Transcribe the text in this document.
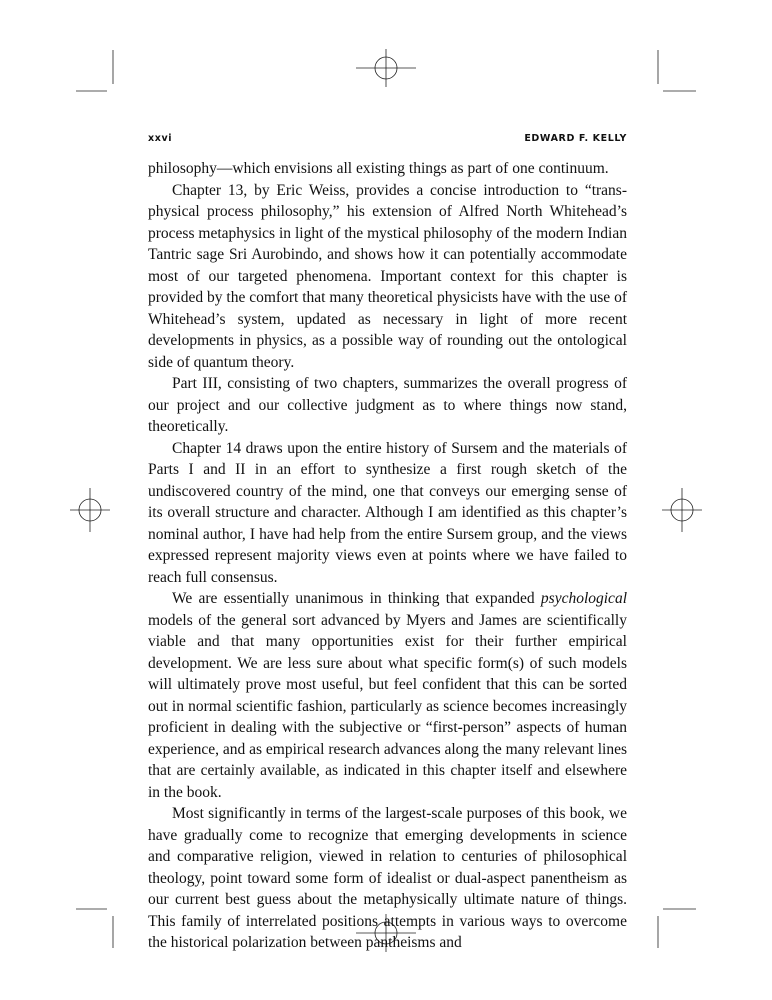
xxvi	EDWARD F. KELLY

philosophy—which envisions all existing things as part of one continuum.

Chapter 13, by Eric Weiss, provides a concise introduction to “transphysical process philosophy,” his extension of Alfred North Whitehead’s process metaphysics in light of the mystical philosophy of the modern Indian Tantric sage Sri Aurobindo, and shows how it can potentially accommodate most of our targeted phenomena. Important context for this chapter is provided by the comfort that many theoretical physicists have with the use of Whitehead’s system, updated as necessary in light of more recent developments in physics, as a possible way of rounding out the ontological side of quantum theory.

Part III, consisting of two chapters, summarizes the overall progress of our project and our collective judgment as to where things now stand, theoretically.

Chapter 14 draws upon the entire history of Sursem and the materials of Parts I and II in an effort to synthesize a first rough sketch of the undiscovered country of the mind, one that conveys our emerging sense of its overall structure and character. Although I am identified as this chapter’s nominal author, I have had help from the entire Sursem group, and the views expressed represent majority views even at points where we have failed to reach full consensus.

We are essentially unanimous in thinking that expanded psychological models of the general sort advanced by Myers and James are scientifically viable and that many opportunities exist for their further empirical development. We are less sure about what specific form(s) of such models will ultimately prove most useful, but feel confident that this can be sorted out in normal scientific fashion, particularly as science becomes increasingly proficient in dealing with the subjective or “first-person” aspects of human experience, and as empirical research advances along the many relevant lines that are certainly available, as indicated in this chapter itself and elsewhere in the book.

Most significantly in terms of the largest-scale purposes of this book, we have gradually come to recognize that emerging developments in science and comparative religion, viewed in relation to centuries of philosophical theology, point toward some form of idealist or dual-aspect panentheism as our current best guess about the metaphysically ultimate nature of things. This family of interrelated positions attempts in various ways to overcome the historical polarization between pantheisms and
